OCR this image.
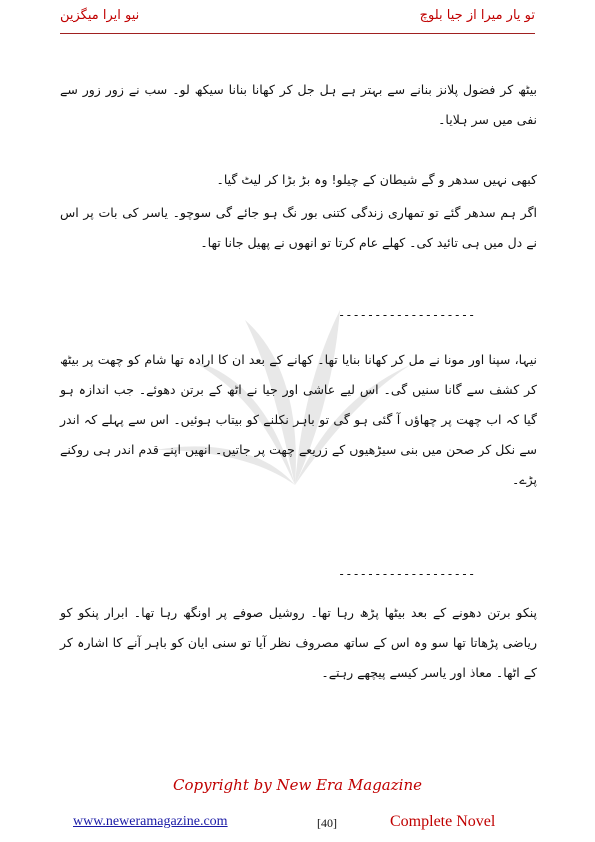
نیو ایرا میگزین	تو یار میرا از جیا بلوچ
بیٹھ کر فضول پلانز بنانے سے بہتر ہے ہل جل کر کھانا بنانا سیکھ لو۔ سب نے زور زور سے نفی میں سر ہلایا۔
کبھی نہیں سدھر و گے شیطان کے چیلو! وہ بڑ بڑا کر لیٹ گیا۔
اگر ہم سدھر گئے تو تمھاری زندگی کتنی بور نگ ہو جائے گی سوچو۔ یاسر کی بات پر اس نے دل میں ہی تائید کی۔ کھلے عام کرتا تو انھوں نے پھیل جانا تھا۔
نیہا، سپنا اور مونا نے مل کر کھانا بنایا تھا۔ کھانے کے بعد ان کا ارادہ تھا شام کو چھت پر بیٹھ کر کشف سے گانا سنیں گی۔ اس لیے عاشی اور جیا نے اٹھ کے برتن دھوئے۔ جب اندازہ ہو گیا کہ اب چھت پر چھاؤں آ گئی ہو گی تو باہر نکلنے کو بیتاب ہوئیں۔ اس سے پہلے کہ اندر سے نکل کر صحن میں بنی سیڑھیوں کے زریعے چھت پر جاتیں۔ انھیں اپنے قدم اندر ہی روکنے پڑے۔
پنکو برتن دھونے کے بعد بیٹھا پڑھ رہا تھا۔ روشیل صوفے پر اونگھ رہا تھا۔ ابرار پنکو کو ریاضی پڑھاتا تھا سو وہ اس کے ساتھ مصروف نظر آیا تو سنی ایان کو باہر آنے کا اشارہ کر کے اٹھا۔ معاذ اور یاسر کیسے پیچھے رہتے۔
-------------------
-------------------
Copyright by New Era Magazine
www.neweramagazine.com	[40]	Complete Novel
